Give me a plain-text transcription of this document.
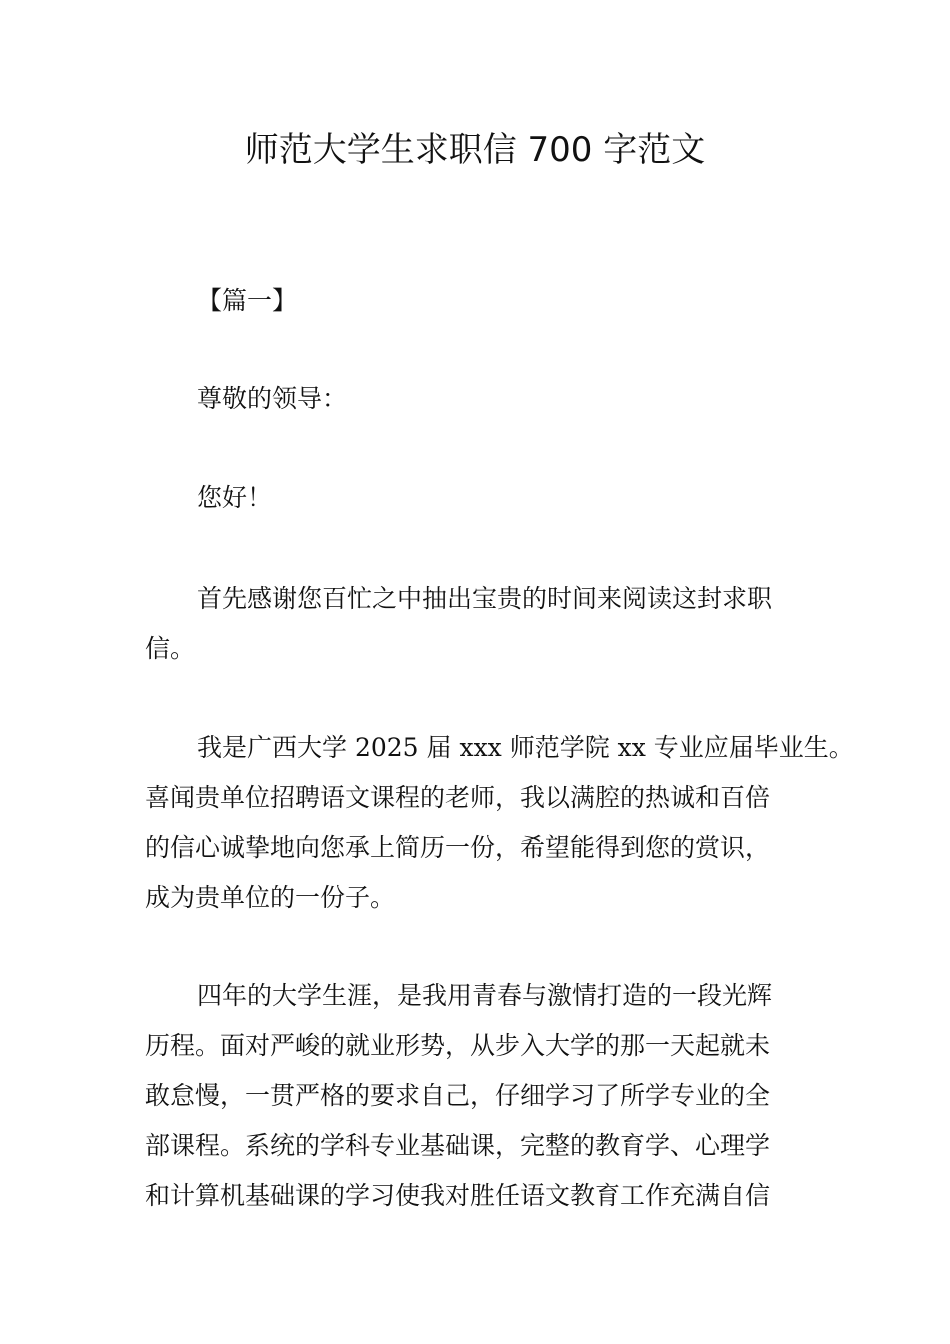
师范大学生求职信 700 字范文
【篇一】
尊敬的领导：
您好！
首先感谢您百忙之中抽出宝贵的时间来阅读这封求职
信。
我是广西大学 2025 届 xxx 师范学院 xx 专业应届毕业生。
喜闻贵单位招聘语文课程的老师，我以满腔的热诚和百倍
的信心诚挚地向您承上简历一份，希望能得到您的赏识，
成为贵单位的一份子。
四年的大学生涯，是我用青春与激情打造的一段光辉
历程。面对严峻的就业形势，从步入大学的那一天起就未
敢怠慢，一贯严格的要求自己，仔细学习了所学专业的全
部课程。系统的学科专业基础课，完整的教育学、心理学
和计算机基础课的学习使我对胜任语文教育工作充满自信
